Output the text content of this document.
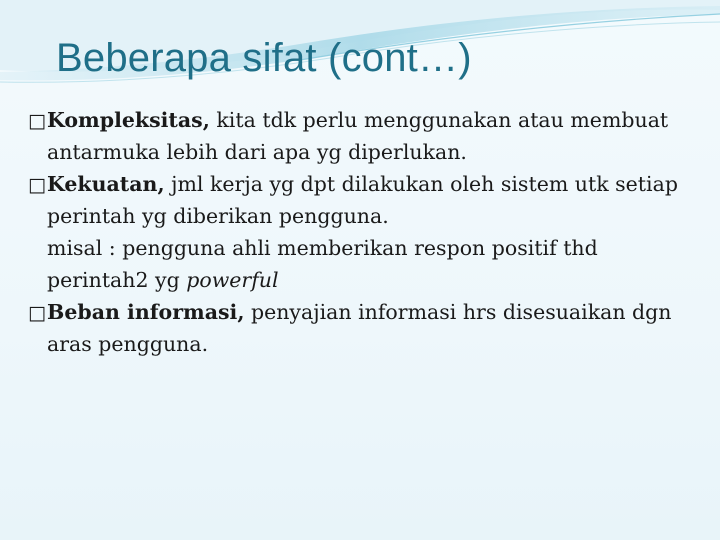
Beberapa sifat (cont…)

□
Kompleksitas, kita tdk perlu menggunakan atau membuat antarmuka lebih dari apa yg diperlukan.

□
Kekuatan, jml kerja yg dpt dilakukan oleh sistem utk setiap perintah yg diberikan pengguna.

misal : pengguna ahli memberikan respon positif thd perintah2 yg powerful

□
Beban informasi, penyajian informasi hrs disesuaikan dgn aras pengguna.
